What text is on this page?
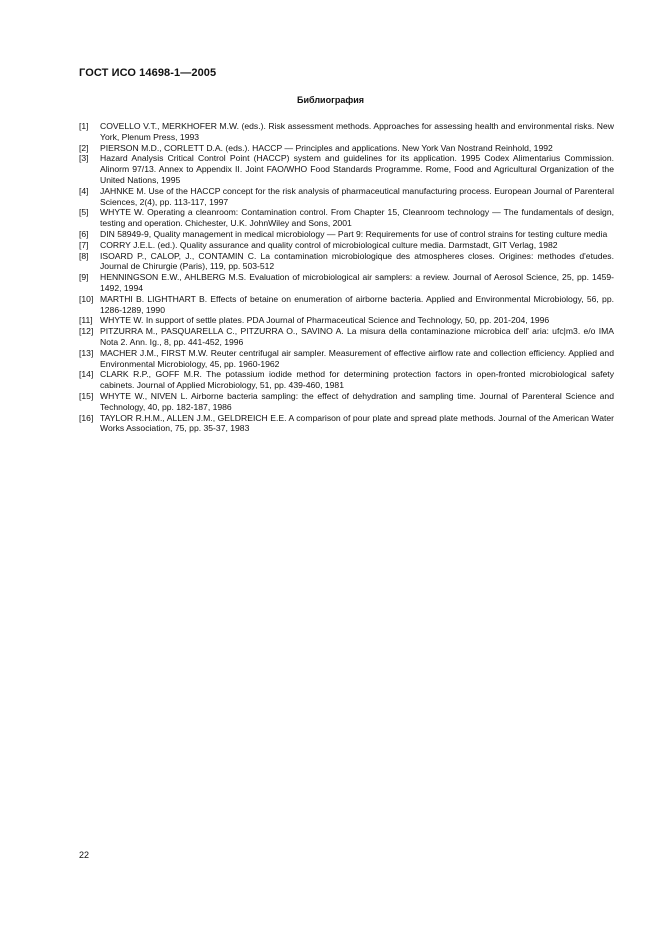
ГОСТ ИСО 14698-1—2005
Библиография
[1]	COVELLO V.T., MERKHOFER M.W. (eds.). Risk assessment methods. Approaches for assessing health and environmental risks. New York, Plenum Press, 1993
[2]	PIERSON M.D., CORLETT D.A. (eds.). HACCP — Principles and applications. New York Van Nostrand Reinhold, 1992
[3]	Hazard Analysis Critical Control Point (HACCP) system and guidelines for its application. 1995 Codex Alimentarius Commission. Alinorm 97/13. Annex to Appendix II. Joint FAO/WHO Food Standards Programme. Rome, Food and Agricultural Organization of the United Nations, 1995
[4]	JAHNKE M. Use of the HACCP concept for the risk analysis of pharmaceutical manufacturing process. European Journal of Parenteral Sciences, 2(4), pp. 113-117, 1997
[5]	WHYTE W. Operating a cleanroom: Contamination control. From Chapter 15, Cleanroom technology — The fundamentals of design, testing and operation. Chichester, U.K. JohnWiley and Sons, 2001
[6]	DIN 58949-9, Quality management in medical microbiology — Part 9: Requirements for use of control strains for testing culture media
[7]	CORRY J.E.L. (ed.). Quality assurance and quality control of microbiological culture media. Darmstadt, GIT Verlag, 1982
[8]	ISOARD P., CALOP, J., CONTAMIN C. La contamination microbiologique des atmospheres closes. Origines: methodes d'etudes. Journal de Chirurgie (Paris), 119, pp. 503-512
[9]	HENNINGSON E.W., AHLBERG M.S. Evaluation of microbiological air samplers: a review. Journal of Aerosol Science, 25, pp. 1459-1492, 1994
[10] MARTHI B. LIGHTHART B. Effects of betaine on enumeration of airborne bacteria. Applied and Environmental Microbiology, 56, pp. 1286-1289, 1990
[11] WHYTE W. In support of settle plates. PDA Journal of Pharmaceutical Science and Technology, 50, pp. 201-204, 1996
[12] PITZURRA M., PASQUARELLA C., PITZURRA O., SAVINO A. La misura della contaminazione microbica dell' aria: ufc|m3. e/o IMA Nota 2. Ann. Ig., 8, pp. 441-452, 1996
[13] MACHER J.M., FIRST M.W. Reuter centrifugal air sampler. Measurement of effective airflow rate and collection efficiency. Applied and Environmental Microbiology, 45, pp. 1960-1962
[14] CLARK R.P., GOFF M.R. The potassium iodide method for determining protection factors in open-fronted microbiological safety cabinets. Journal of Applied Microbiology, 51, pp. 439-460, 1981
[15] WHYTE W., NIVEN L. Airborne bacteria sampling: the effect of dehydration and sampling time. Journal of Parenteral Science and Technology, 40, pp. 182-187, 1986
[16] TAYLOR R.H.M., ALLEN J.M., GELDREICH E.E. A comparison of pour plate and spread plate methods. Journal of the American Water Works Association, 75, pp. 35-37, 1983
22
